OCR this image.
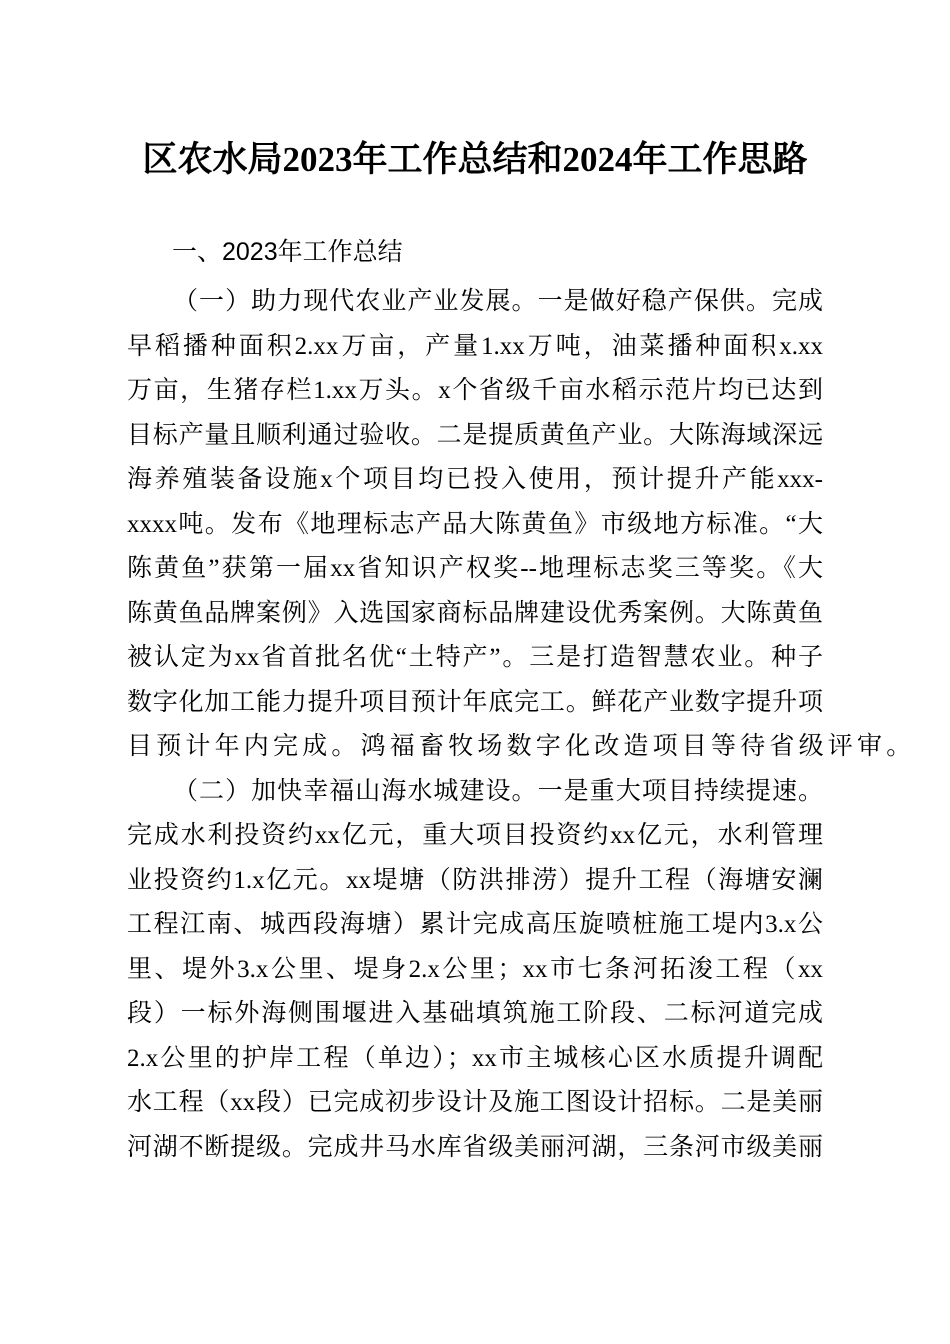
区农水局2023年工作总结和2024年工作思路
一、2023年工作总结
（一）助力现代农业产业发展。一是做好稳产保供。完成
早稻播种面积2.xx万亩，产量1.xx万吨，油菜播种面积x.xx
万亩，生猪存栏1.xx万头。x个省级千亩水稻示范片均已达到
目标产量且顺利通过验收。二是提质黄鱼产业。大陈海域深远
海养殖装备设施x个项目均已投入使用，预计提升产能xxx-
xxxx吨。发布《地理标志产品大陈黄鱼》市级地方标准。“大
陈黄鱼”获第一届xx省知识产权奖--地理标志奖三等奖。《大
陈黄鱼品牌案例》入选国家商标品牌建设优秀案例。大陈黄鱼
被认定为xx省首批名优“土特产”。三是打造智慧农业。种子
数字化加工能力提升项目预计年底完工。鲜花产业数字提升项
目预计年内完成。鸿福畜牧场数字化改造项目等待省级评审。
（二）加快幸福山海水城建设。一是重大项目持续提速。
完成水利投资约xx亿元，重大项目投资约xx亿元，水利管理
业投资约1.x亿元。xx堤塘（防洪排涝）提升工程（海塘安澜
工程江南、城西段海塘）累计完成高压旋喷桩施工堤内3.x公
里、堤外3.x公里、堤身2.x公里；xx市七条河拓浚工程（xx
段）一标外海侧围堰进入基础填筑施工阶段、二标河道完成
2.x公里的护岸工程（单边）；xx市主城核心区水质提升调配
水工程（xx段）已完成初步设计及施工图设计招标。二是美丽
河湖不断提级。完成井马水库省级美丽河湖，三条河市级美丽
